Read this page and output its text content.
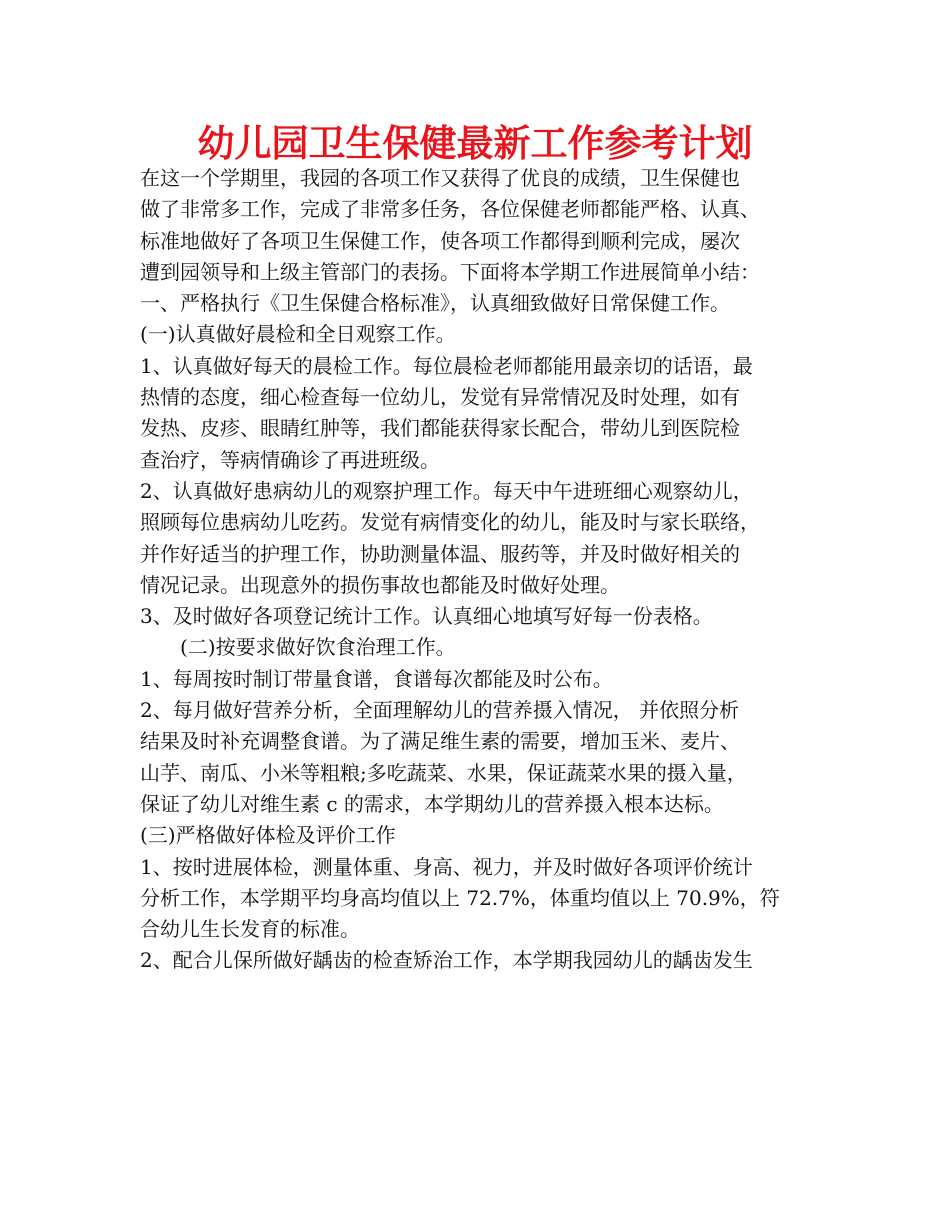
幼儿园卫生保健最新工作参考计划

在这一个学期里，我园的各项工作又获得了优良的成绩，卫生保健也

做了非常多工作，完成了非常多任务，各位保健老师都能严格、认真、

标准地做好了各项卫生保健工作，使各项工作都得到顺利完成，屡次

遭到园领导和上级主管部门的表扬。下面将本学期工作进展简单小结：

一、严格执行《卫生保健合格标准》，认真细致做好日常保健工作。

(一)认真做好晨检和全日观察工作。

1、认真做好每天的晨检工作。每位晨检老师都能用最亲切的话语，最

热情的态度，细心检查每一位幼儿，发觉有异常情况及时处理，如有

发热、皮疹、眼睛红肿等，我们都能获得家长配合，带幼儿到医院检

查治疗，等病情确诊了再进班级。

2、认真做好患病幼儿的观察护理工作。每天中午进班细心观察幼儿，

照顾每位患病幼儿吃药。发觉有病情变化的幼儿，能及时与家长联络，

并作好适当的护理工作，协助测量体温、服药等，并及时做好相关的

情况记录。出现意外的损伤事故也都能及时做好处理。

3、及时做好各项登记统计工作。认真细心地填写好每一份表格。

(二)按要求做好饮食治理工作。

1、每周按时制订带量食谱，食谱每次都能及时公布。

2、每月做好营养分析，全面理解幼儿的营养摄入情况， 并依照分析

结果及时补充调整食谱。为了满足维生素的需要，增加玉米、麦片、

山芋、南瓜、小米等粗粮;多吃蔬菜、水果，保证蔬菜水果的摄入量，

保证了幼儿对维生素 c 的需求，本学期幼儿的营养摄入根本达标。

(三)严格做好体检及评价工作

1、按时进展体检，测量体重、身高、视力，并及时做好各项评价统计

分析工作，本学期平均身高均值以上 72.7%，体重均值以上 70.9%，符

合幼儿生长发育的标准。

2、配合儿保所做好龋齿的检查矫治工作，本学期我园幼儿的龋齿发生
